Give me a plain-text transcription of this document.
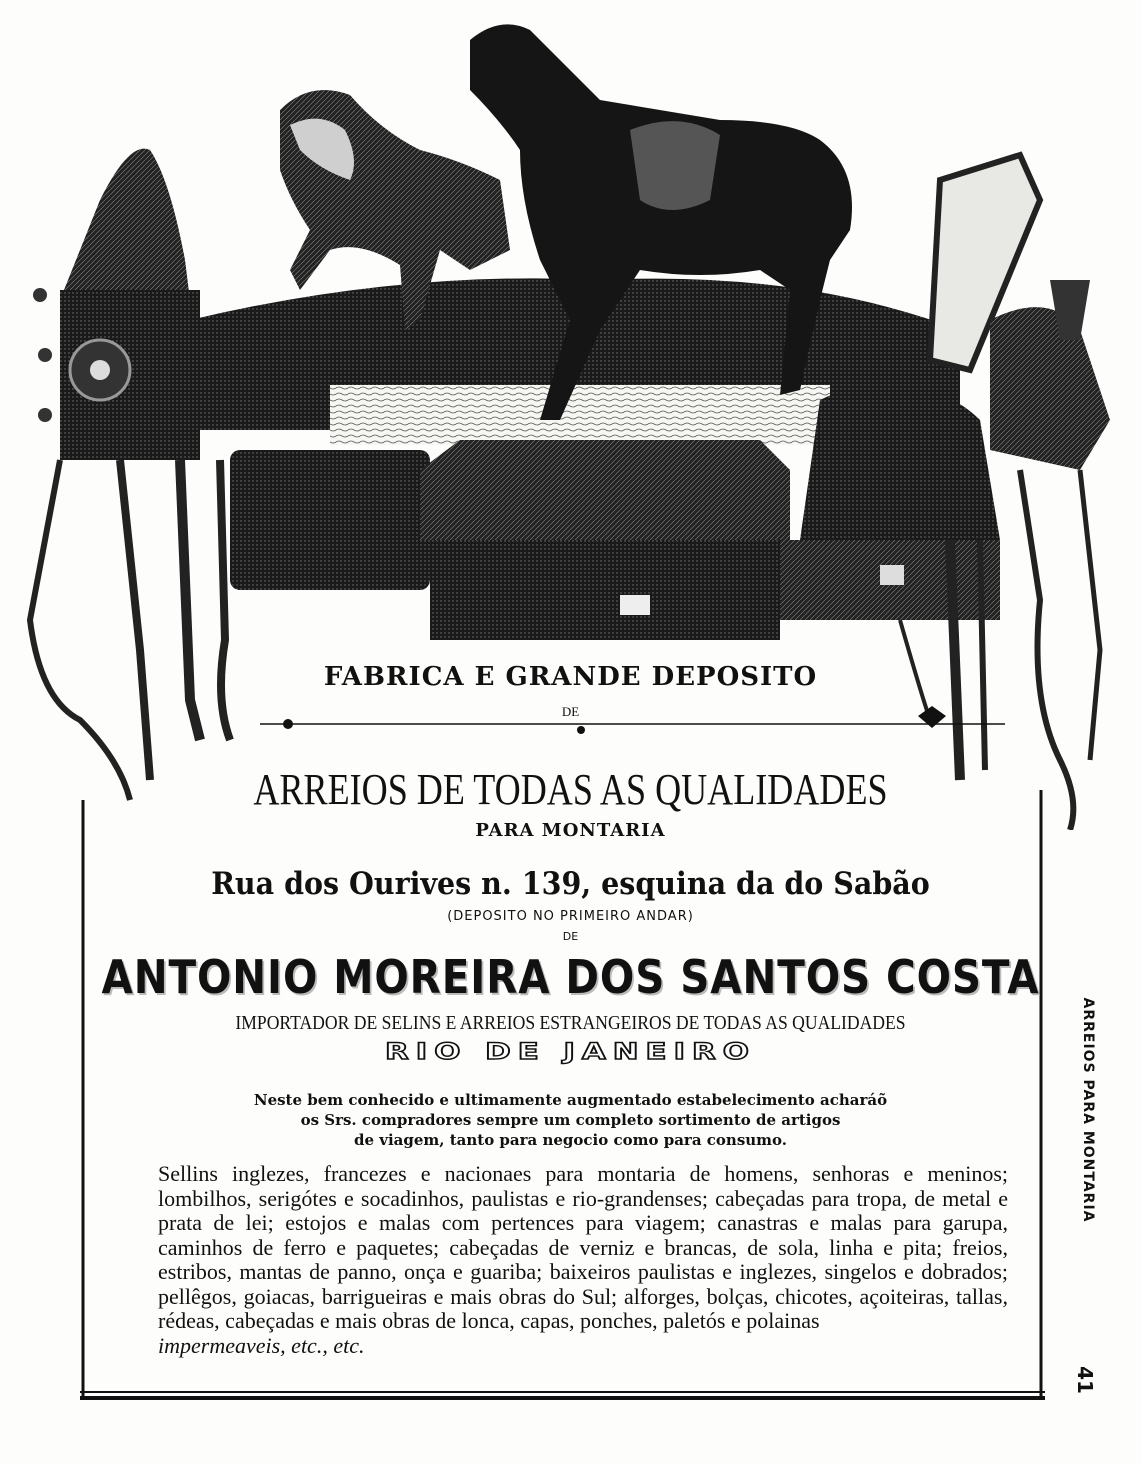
FABRICA E GRANDE DEPOSITO
DE
ARREIOS DE TODAS AS QUALIDADES
PARA MONTARIA
Rua dos Ourives n. 139, esquina da do Sabão
(DEPOSITO NO PRIMEIRO ANDAR)
DE
ANTONIO MOREIRA DOS SANTOS COSTA
IMPORTADOR DE SELINS E ARREIOS ESTRANGEIROS DE TODAS AS QUALIDADES
RIO DE JANEIRO
Neste bem conhecido e ultimamente augmentado estabelecimento acharáõ
os Srs. compradores sempre um completo sortimento de artigos
de viagem, tanto para negocio como para consumo.
Sellins inglezes, francezes e nacionaes para montaria de homens, senhoras e meninos; lombilhos, serigótes e socadinhos, paulistas e rio-grandenses; cabeçadas para tropa, de metal e prata de lei; estojos e malas com pertences para viagem; canastras e malas para garupa, caminhos de ferro e paquetes; cabeçadas de verniz e brancas, de sola, linha e pita; freios, estribos, mantas de panno, onça e guariba; baixeiros paulistas e inglezes, singelos e dobrados; pellêgos, goiacas, barrigueiras e mais obras do Sul; alforges, bolças, chicotes, açoiteiras, tallas, rédeas, cabeçadas e mais obras de lonca, capas, ponches, paletós e polainas
impermeaveis, etc., etc.
ARREIOS PARA MONTARIA
41
